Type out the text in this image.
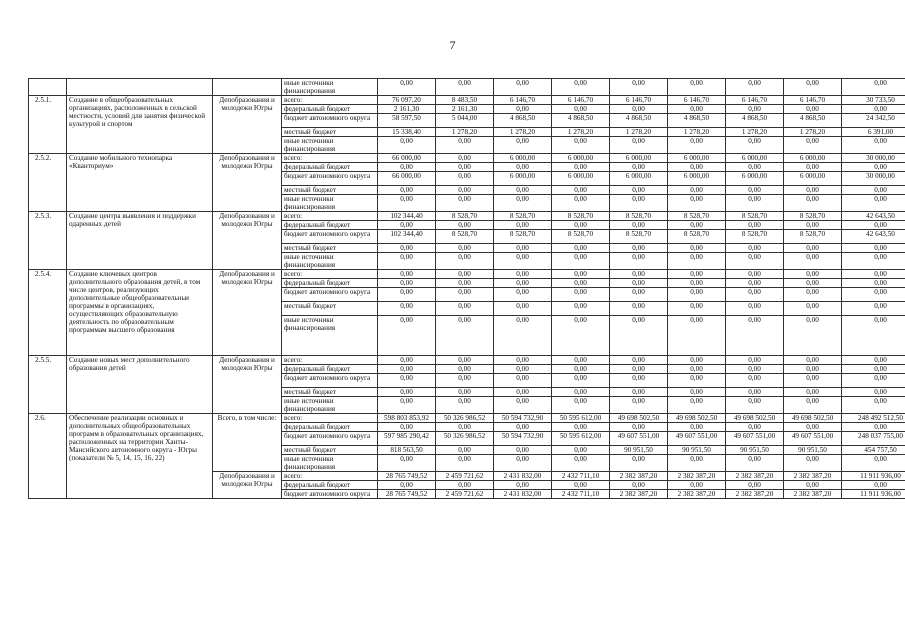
7
			иные источники финансирования	0,00	0,00	0,00	0,00	0,00	0,00	0,00	0,00	0,00
2.5.1.	Создание в общеобразовательных организациях, расположенных в сельской местности, условий для занятия физической культурой и спортом	Депобразования и молодежи Югры	всего:	76 097,20	8 483,50	6 146,70	6 146,70	6 146,70	6 146,70	6 146,70	6 146,70	30 733,50
			федеральный бюджет	2 161,30	2 161,30	0,00	0,00	0,00	0,00	0,00	0,00	0,00
			бюджет автономного округа	58 597,50	5 044,00	4 868,50	4 868,50	4 868,50	4 868,50	4 868,50	4 868,50	24 342,50
			местный бюджет	15 338,40	1 278,20	1 278,20	1 278,20	1 278,20	1 278,20	1 278,20	1 278,20	6 391,00
			иные источники финансирования	0,00	0,00	0,00	0,00	0,00	0,00	0,00	0,00	0,00
2.5.2.	Создание мобильного технопарка «Кванториум»	Депобразования и молодежи Югры	всего:	66 000,00	0,00	6 000,00	6 000,00	6 000,00	6 000,00	6 000,00	6 000,00	30 000,00
			федеральный бюджет	0,00	0,00	0,00	0,00	0,00	0,00	0,00	0,00	0,00
			бюджет автономного округа	66 000,00	0,00	6 000,00	6 000,00	6 000,00	6 000,00	6 000,00	6 000,00	30 000,00
			местный бюджет	0,00	0,00	0,00	0,00	0,00	0,00	0,00	0,00	0,00
			иные источники финансирования	0,00	0,00	0,00	0,00	0,00	0,00	0,00	0,00	0,00
2.5.3.	Создание центра выявления и поддержки одаренных детей	Депобразования и молодежи Югры	всего:	102 344,40	8 528,70	8 528,70	8 528,70	8 528,70	8 528,70	8 528,70	8 528,70	42 643,50
			федеральный бюджет	0,00	0,00	0,00	0,00	0,00	0,00	0,00	0,00	0,00
			бюджет автономного округа	102 344,40	8 528,70	8 528,70	8 528,70	8 528,70	8 528,70	8 528,70	8 528,70	42 643,50
			местный бюджет	0,00	0,00	0,00	0,00	0,00	0,00	0,00	0,00	0,00
			иные источники финансирования	0,00	0,00	0,00	0,00	0,00	0,00	0,00	0,00	0,00
2.5.4.	Создание ключевых центров дополнительного образования детей, в том числе центров, реализующих дополнительные общеобразовательные программы в организациях, осуществляющих образовательную деятельность по образовательным программам высшего образования	Депобразования и молодежи Югры	всего:	0,00	0,00	0,00	0,00	0,00	0,00	0,00	0,00	0,00
			федеральный бюджет	0,00	0,00	0,00	0,00	0,00	0,00	0,00	0,00	0,00
			бюджет автономного округа	0,00	0,00	0,00	0,00	0,00	0,00	0,00	0,00	0,00
			местный бюджет	0,00	0,00	0,00	0,00	0,00	0,00	0,00	0,00	0,00
			иные источники финансирования	0,00	0,00	0,00	0,00	0,00	0,00	0,00	0,00	0,00
2.5.5.	Создание новых мест дополнительного образования детей	Депобразования и молодежи Югры	всего:	0,00	0,00	0,00	0,00	0,00	0,00	0,00	0,00	0,00
			федеральный бюджет	0,00	0,00	0,00	0,00	0,00	0,00	0,00	0,00	0,00
			бюджет автономного округа	0,00	0,00	0,00	0,00	0,00	0,00	0,00	0,00	0,00
			местный бюджет	0,00	0,00	0,00	0,00	0,00	0,00	0,00	0,00	0,00
			иные источники финансирования	0,00	0,00	0,00	0,00	0,00	0,00	0,00	0,00	0,00
2.6.	Обеспечение реализации основных и дополнительных общеобразовательных программ в образовательных организациях, расположенных на территории Ханты-Мансийского автономного округа - Югры (показатели № 5, 14, 15, 16, 22)	Всего, в том числе:	всего:	598 803 853,92	50 326 986,52	50 594 732,90	50 595 612,00	49 698 502,50	49 698 502,50	49 698 502,50	49 698 502,50	248 492 512,50
			федеральный бюджет	0,00	0,00	0,00	0,00	0,00	0,00	0,00	0,00	0,00
			бюджет автономного округа	597 985 290,42	50 326 986,52	50 594 732,90	50 595 612,00	49 607 551,00	49 607 551,00	49 607 551,00	49 607 551,00	248 037 755,00
			местный бюджет	818 563,50	0,00	0,00	0,00	90 951,50	90 951,50	90 951,50	90 951,50	454 757,50
			иные источники финансирования	0,00	0,00	0,00	0,00	0,00	0,00	0,00	0,00	0,00
		Депобразования и молодежи Югры	всего:	28 765 749,52	2 459 721,62	2 431 832,00	2 432 711,10	2 382 387,20	2 382 387,20	2 382 387,20	2 382 387,20	11 911 936,00
			федеральный бюджет	0,00	0,00	0,00	0,00	0,00	0,00	0,00	0,00	0,00
			бюджет автономного округа	28 765 749,52	2 459 721,62	2 431 832,00	2 432 711,10	2 382 387,20	2 382 387,20	2 382 387,20	2 382 387,20	11 911 936,00
